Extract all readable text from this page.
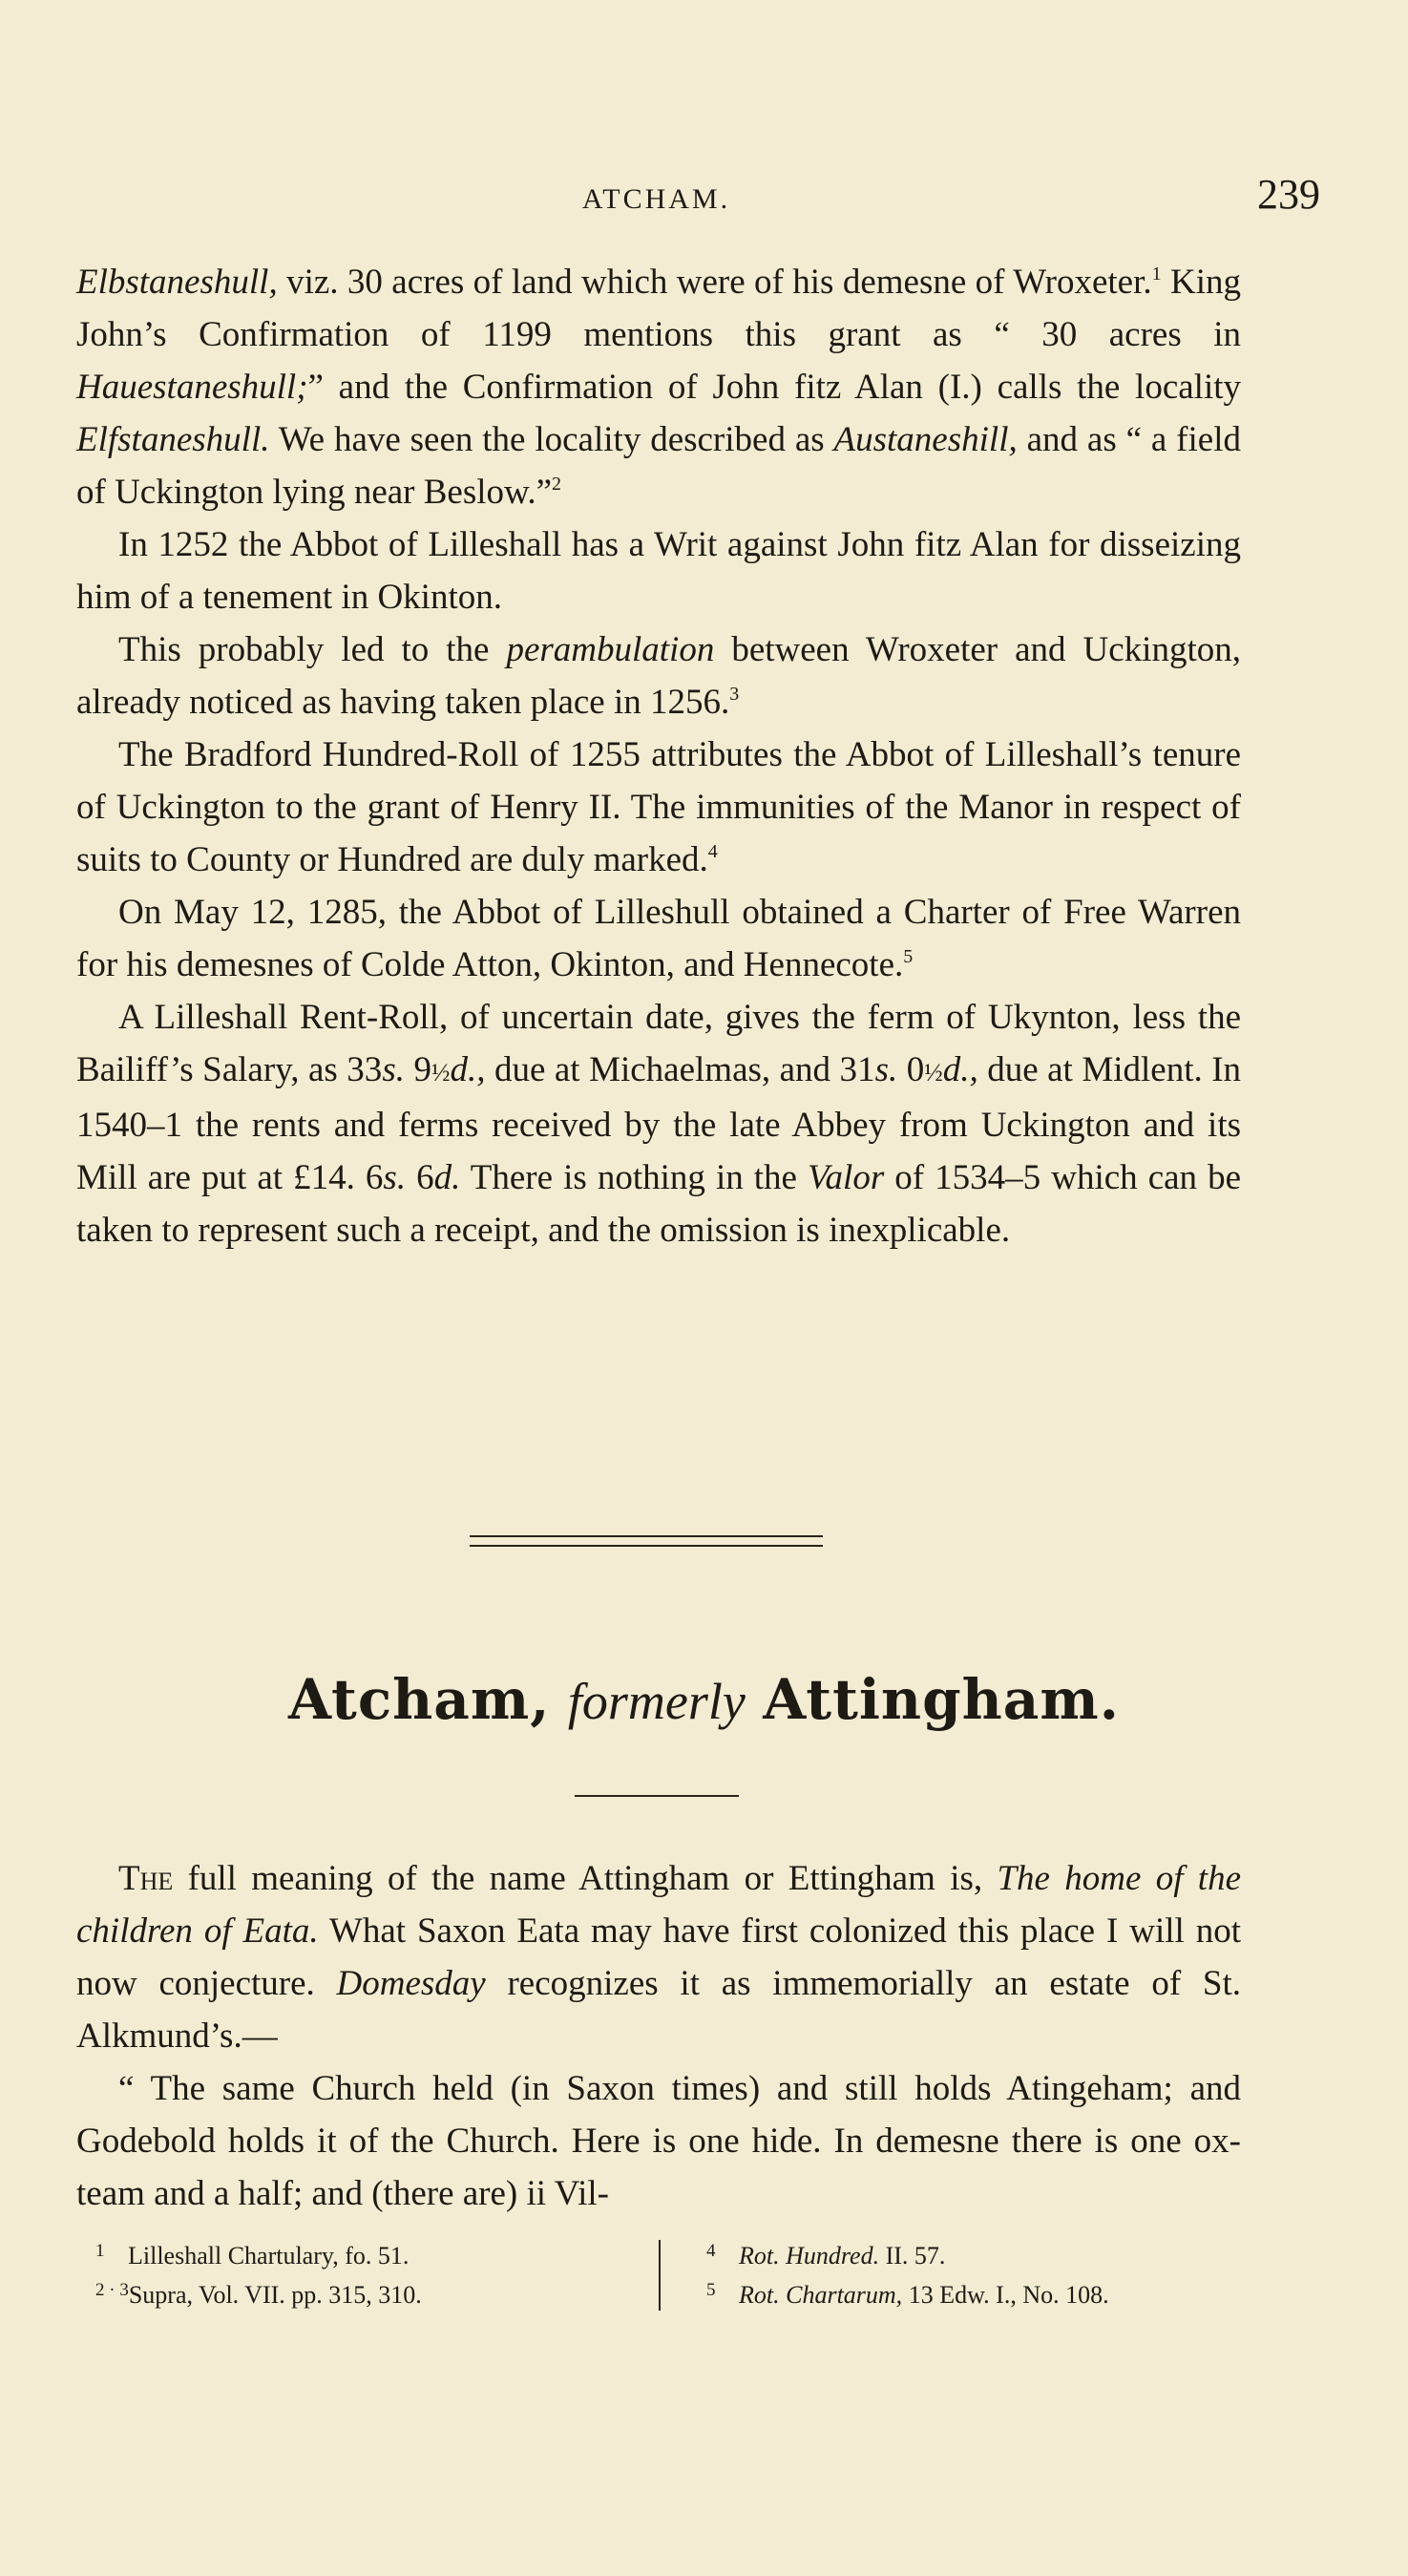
ATCHAM.	239

Elbstaneshull, viz. 30 acres of land which were of his demesne of Wroxeter.$^1$ King John’s Confirmation of 1199 mentions this grant as “ 30 acres in Hauestaneshull;” and the Confirmation of John fitz Alan (I.) calls the locality Elfstaneshull. We have seen the locality described as Austaneshill, and as “ a field of Uckington lying near Beslow.”$^2$

In 1252 the Abbot of Lilleshall has a Writ against John fitz Alan for disseizing him of a tenement in Okinton.

This probably led to the perambulation between Wroxeter and Uckington, already noticed as having taken place in 1256.$^3$

The Bradford Hundred-Roll of 1255 attributes the Abbot of Lilleshall’s tenure of Uckington to the grant of Henry II. The immunities of the Manor in respect of suits to County or Hundred are duly marked.$^4$

On May 12, 1285, the Abbot of Lilleshull obtained a Charter of Free Warren for his demesnes of Colde Atton, Okinton, and Hennecote.$^5$

A Lilleshall Rent-Roll, of uncertain date, gives the ferm of Ukynton, less the Bailiff’s Salary, as 33s. 9½d., due at Michaelmas, and 31s. 0½d., due at Midlent. In 1540–1 the rents and ferms received by the late Abbey from Uckington and its Mill are put at £14. 6s. 6d. There is nothing in the Valor of 1534–5 which can be taken to represent such a receipt, and the omission is inexplicable.

Atcham, formerly Attingham.

The full meaning of the name Attingham or Ettingham is, The home of the children of Eata. What Saxon Eata may have first colonized this place I will not now conjecture. Domesday recognizes it as immemorially an estate of St. Alkmund’s.—

“ The same Church held (in Saxon times) and still holds Atingeham; and Godebold holds it of the Church. Here is one hide. In demesne there is one ox-team and a half; and (there are) ii Vil-

1 Lilleshall Chartulary, fo. 51.
2 · 3Supra, Vol. VII. pp. 315, 310.
4 Rot. Hundred. II. 57.
5 Rot. Chartarum, 13 Edw. I., No. 108.
